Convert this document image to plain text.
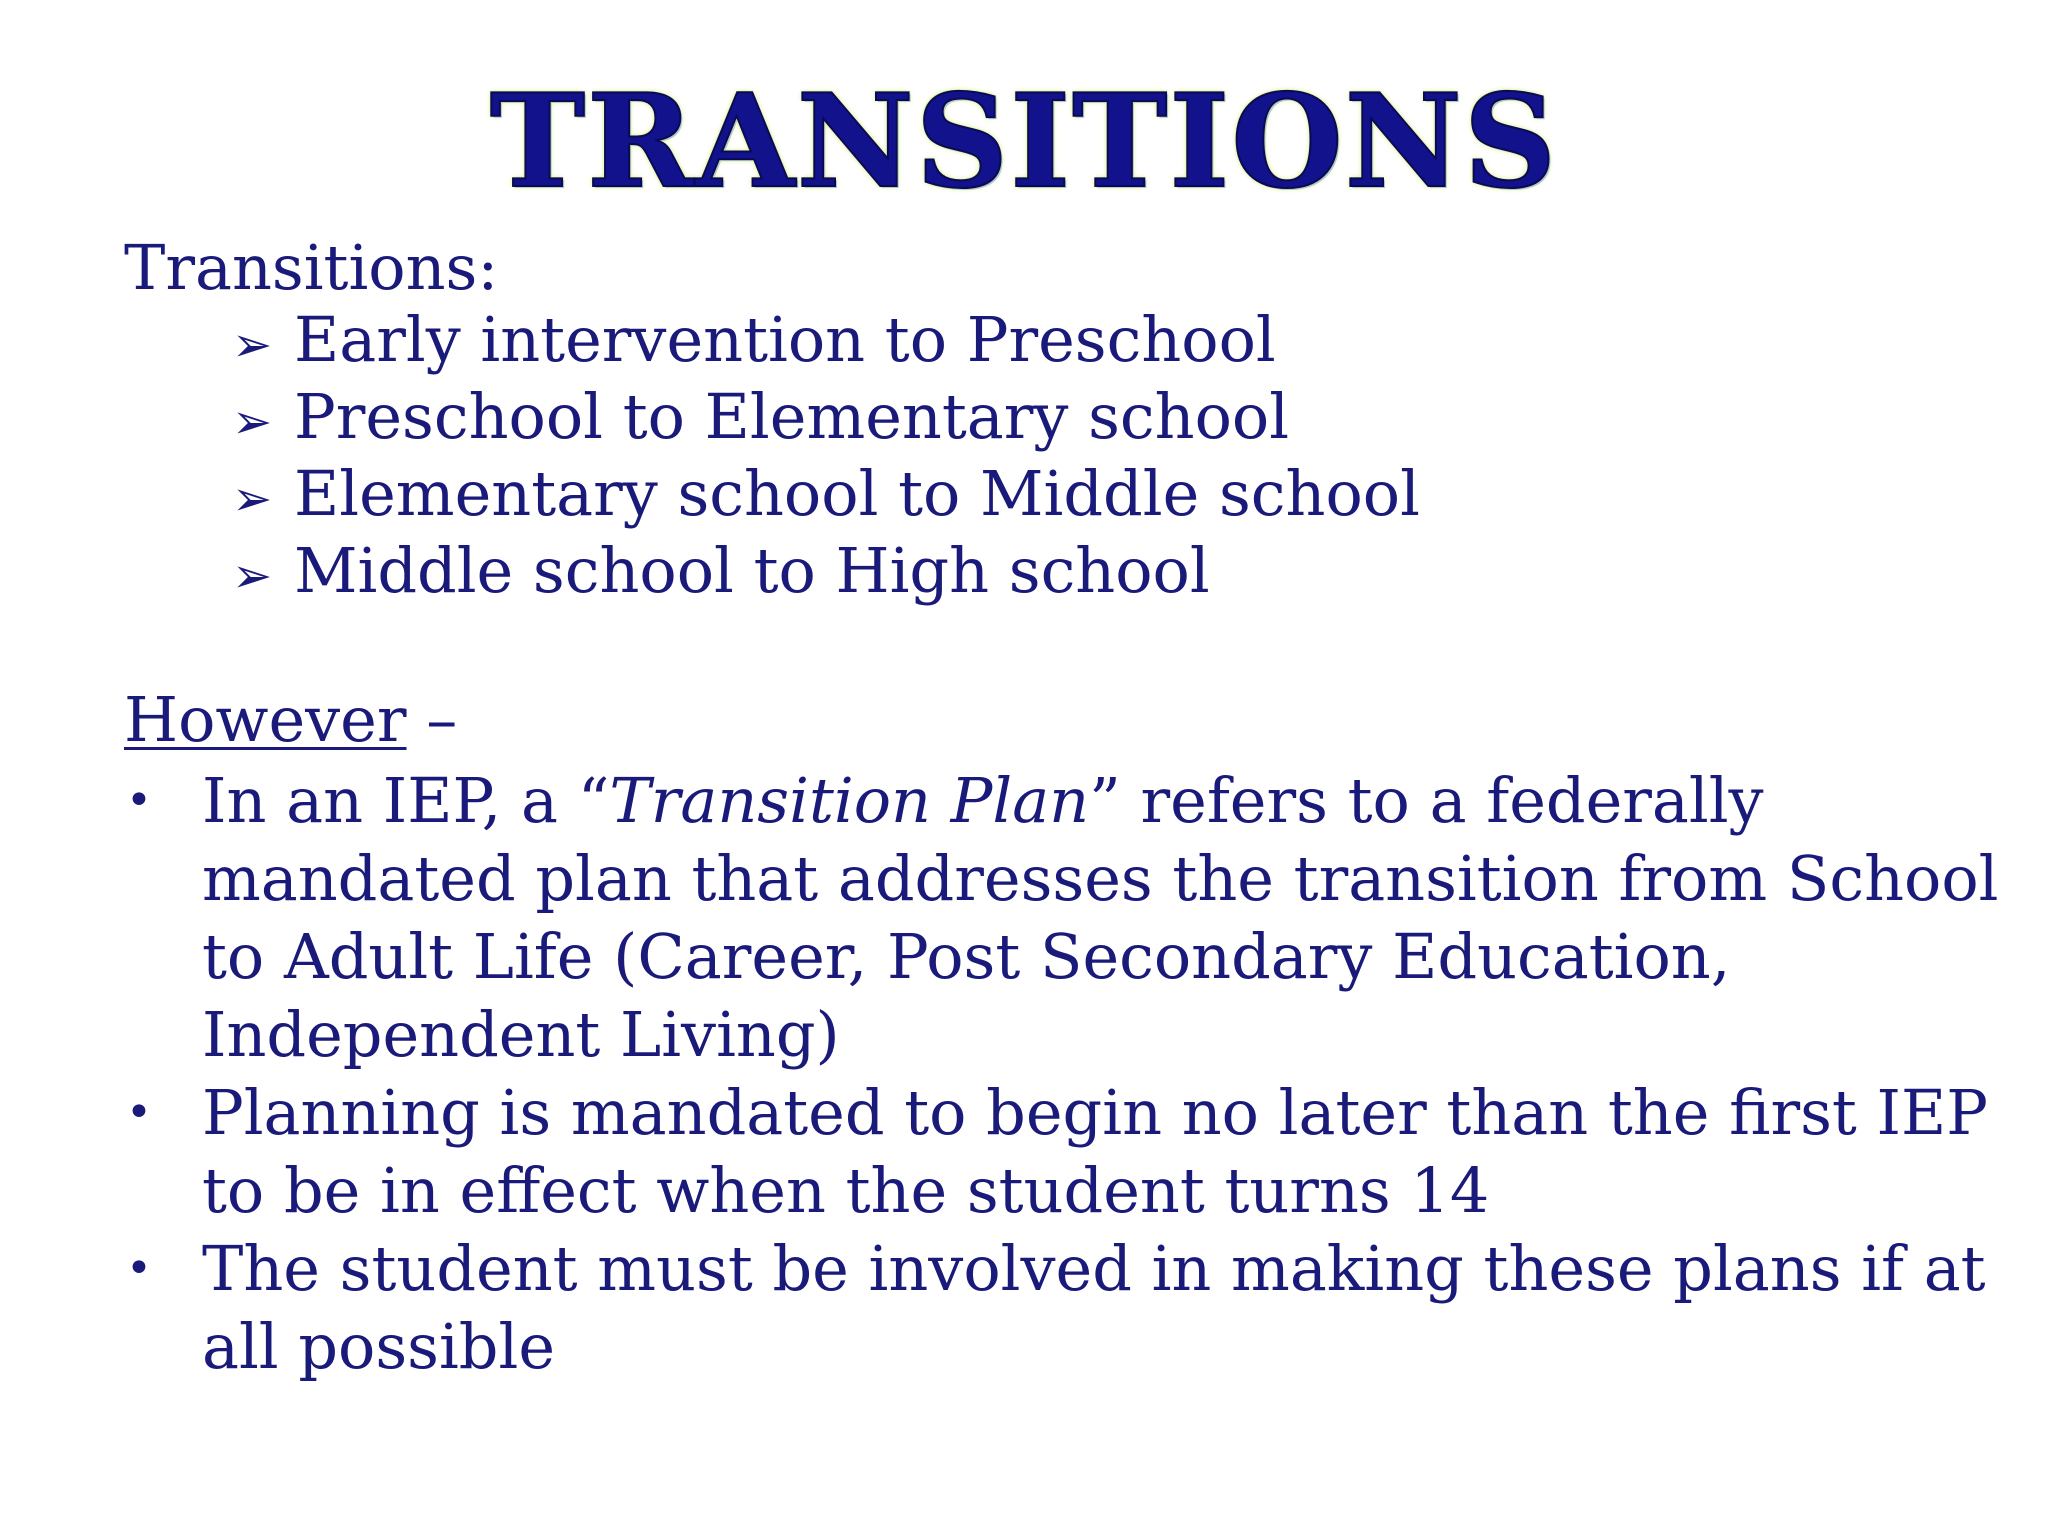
TRANSITIONS

Transitions:

➢ Early intervention to Preschool
➢ Preschool to Elementary school
➢ Elementary school to Middle school
➢ Middle school to High school
However –
• In an IEP, a “Transition Plan” refers to a federally mandated plan that addresses the transition from School to Adult Life (Career, Post Secondary Education, Independent Living)
• Planning is mandated to begin no later than the first IEP to be in effect when the student turns 14
• The student must be involved in making these plans if at all possible
